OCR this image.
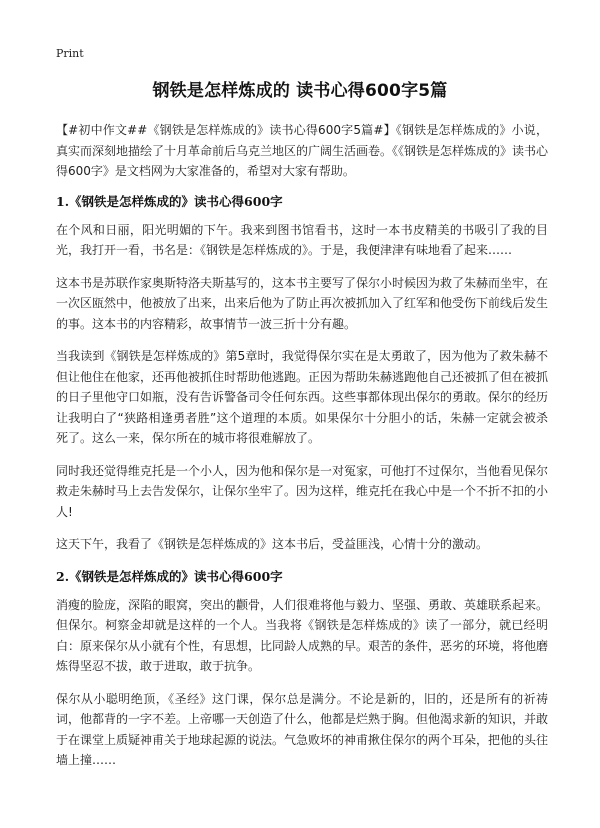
Print
钢铁是怎样炼成的 读书心得600字5篇

【#初中作文##《钢铁是怎样炼成的》读书心得600字5篇#】《钢铁是怎样炼成的》小说，真实而深刻地描绘了十月革命前后乌克兰地区的广阔生活画卷。《《钢铁是怎样炼成的》读书心得600字》是文档网为大家准备的，希望对大家有帮助。

1.《钢铁是怎样炼成的》读书心得600字

在个风和日丽，阳光明媚的下午。我来到图书馆看书，这时一本书皮精美的书吸引了我的目光，我打开一看，书名是：《钢铁是怎样炼成的》。于是，我便津津有味地看了起来……

这本书是苏联作家奥斯特洛夫斯基写的，这本书主要写了保尔小时候因为救了朱赫而坐牢，在一次区瓯然中，他被放了出来，出来后他为了防止再次被抓加入了红军和他受伤下前线后发生的事。这本书的内容精彩，故事情节一波三折十分有趣。

当我读到《钢铁是怎样炼成的》第5章时，我觉得保尔实在是太勇敢了，因为他为了救朱赫不但让他住在他家，还再他被抓住时帮助他逃跑。正因为帮助朱赫逃跑他自己还被抓了但在被抓的日子里他守口如瓶，没有告诉警备司令任何东西。这些事都体现出保尔的勇敢。保尔的经历让我明白了“狭路相逢勇者胜”这个道理的本质。如果保尔十分胆小的话，朱赫一定就会被杀死了。这么一来，保尔所在的城市将很难解放了。

同时我还觉得维克托是一个小人，因为他和保尔是一对冤家，可他打不过保尔，当他看见保尔救走朱赫时马上去告发保尔，让保尔坐牢了。因为这样，维克托在我心中是一个不折不扣的小人!

这天下午，我看了《钢铁是怎样炼成的》这本书后，受益匪浅，心情十分的激动。

2.《钢铁是怎样炼成的》读书心得600字

消瘦的脸庞，深陷的眼窝，突出的颧骨，人们很难将他与毅力、坚强、勇敢、英雄联系起来。但保尔。柯察金却就是这样的一个人。当我将《钢铁是怎样炼成的》读了一部分，就已经明白：原来保尔从小就有个性，有思想，比同龄人成熟的早。艰苦的条件，恶劣的环境，将他磨炼得坚忍不拔，敢于进取，敢于抗争。

保尔从小聪明绝顶，《圣经》这门课，保尔总是满分。不论是新的，旧的，还是所有的祈祷词，他都背的一字不差。上帝哪一天创造了什么，他都是烂熟于胸。但他渴求新的知识，并敢于在课堂上质疑神甫关于地球起源的说法。气急败坏的神甫揪住保尔的两个耳朵，把他的头往墙上撞……
